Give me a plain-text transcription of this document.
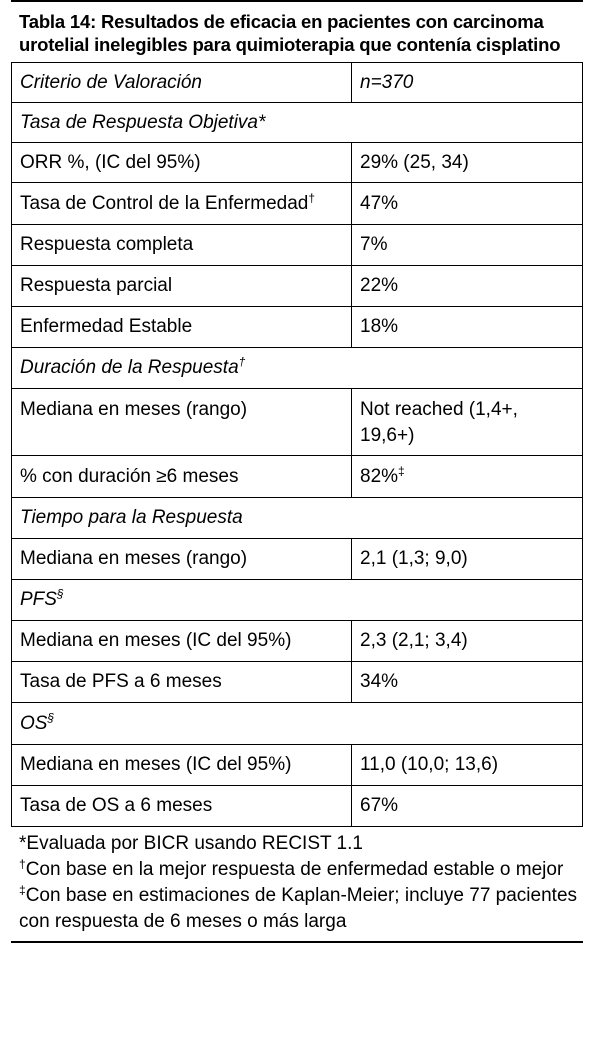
Tabla 14: Resultados de eficacia en pacientes con carcinoma urotelial inelegibles para quimioterapia que contenía cisplatino
Criterio de Valoración	n=370
Tasa de Respuesta Objetiva*	
ORR %, (IC del 95%)	29% (25, 34)
Tasa de Control de la Enfermedad†	47%
Respuesta completa	7%
Respuesta parcial	22%
Enfermedad Estable	18%
Duración de la Respuesta†
Mediana en meses (rango)	Not reached (1,4+, 19,6+)
% con duración ≥6 meses	82%‡
Tiempo para la Respuesta	
Mediana en meses (rango)	2,1 (1,3; 9,0)
PFS§
Mediana en meses (IC del 95%)	2,3 (2,1; 3,4)
Tasa de PFS a 6 meses	34%
OS§
Mediana en meses (IC del 95%)	11,0 (10,0; 13,6)
Tasa de OS a 6 meses	67%
*Evaluada por BICR usando RECIST 1.1
†Con base en la mejor respuesta de enfermedad estable o mejor
‡Con base en estimaciones de Kaplan-Meier; incluye 77 pacientes con respuesta de 6 meses o más larga
